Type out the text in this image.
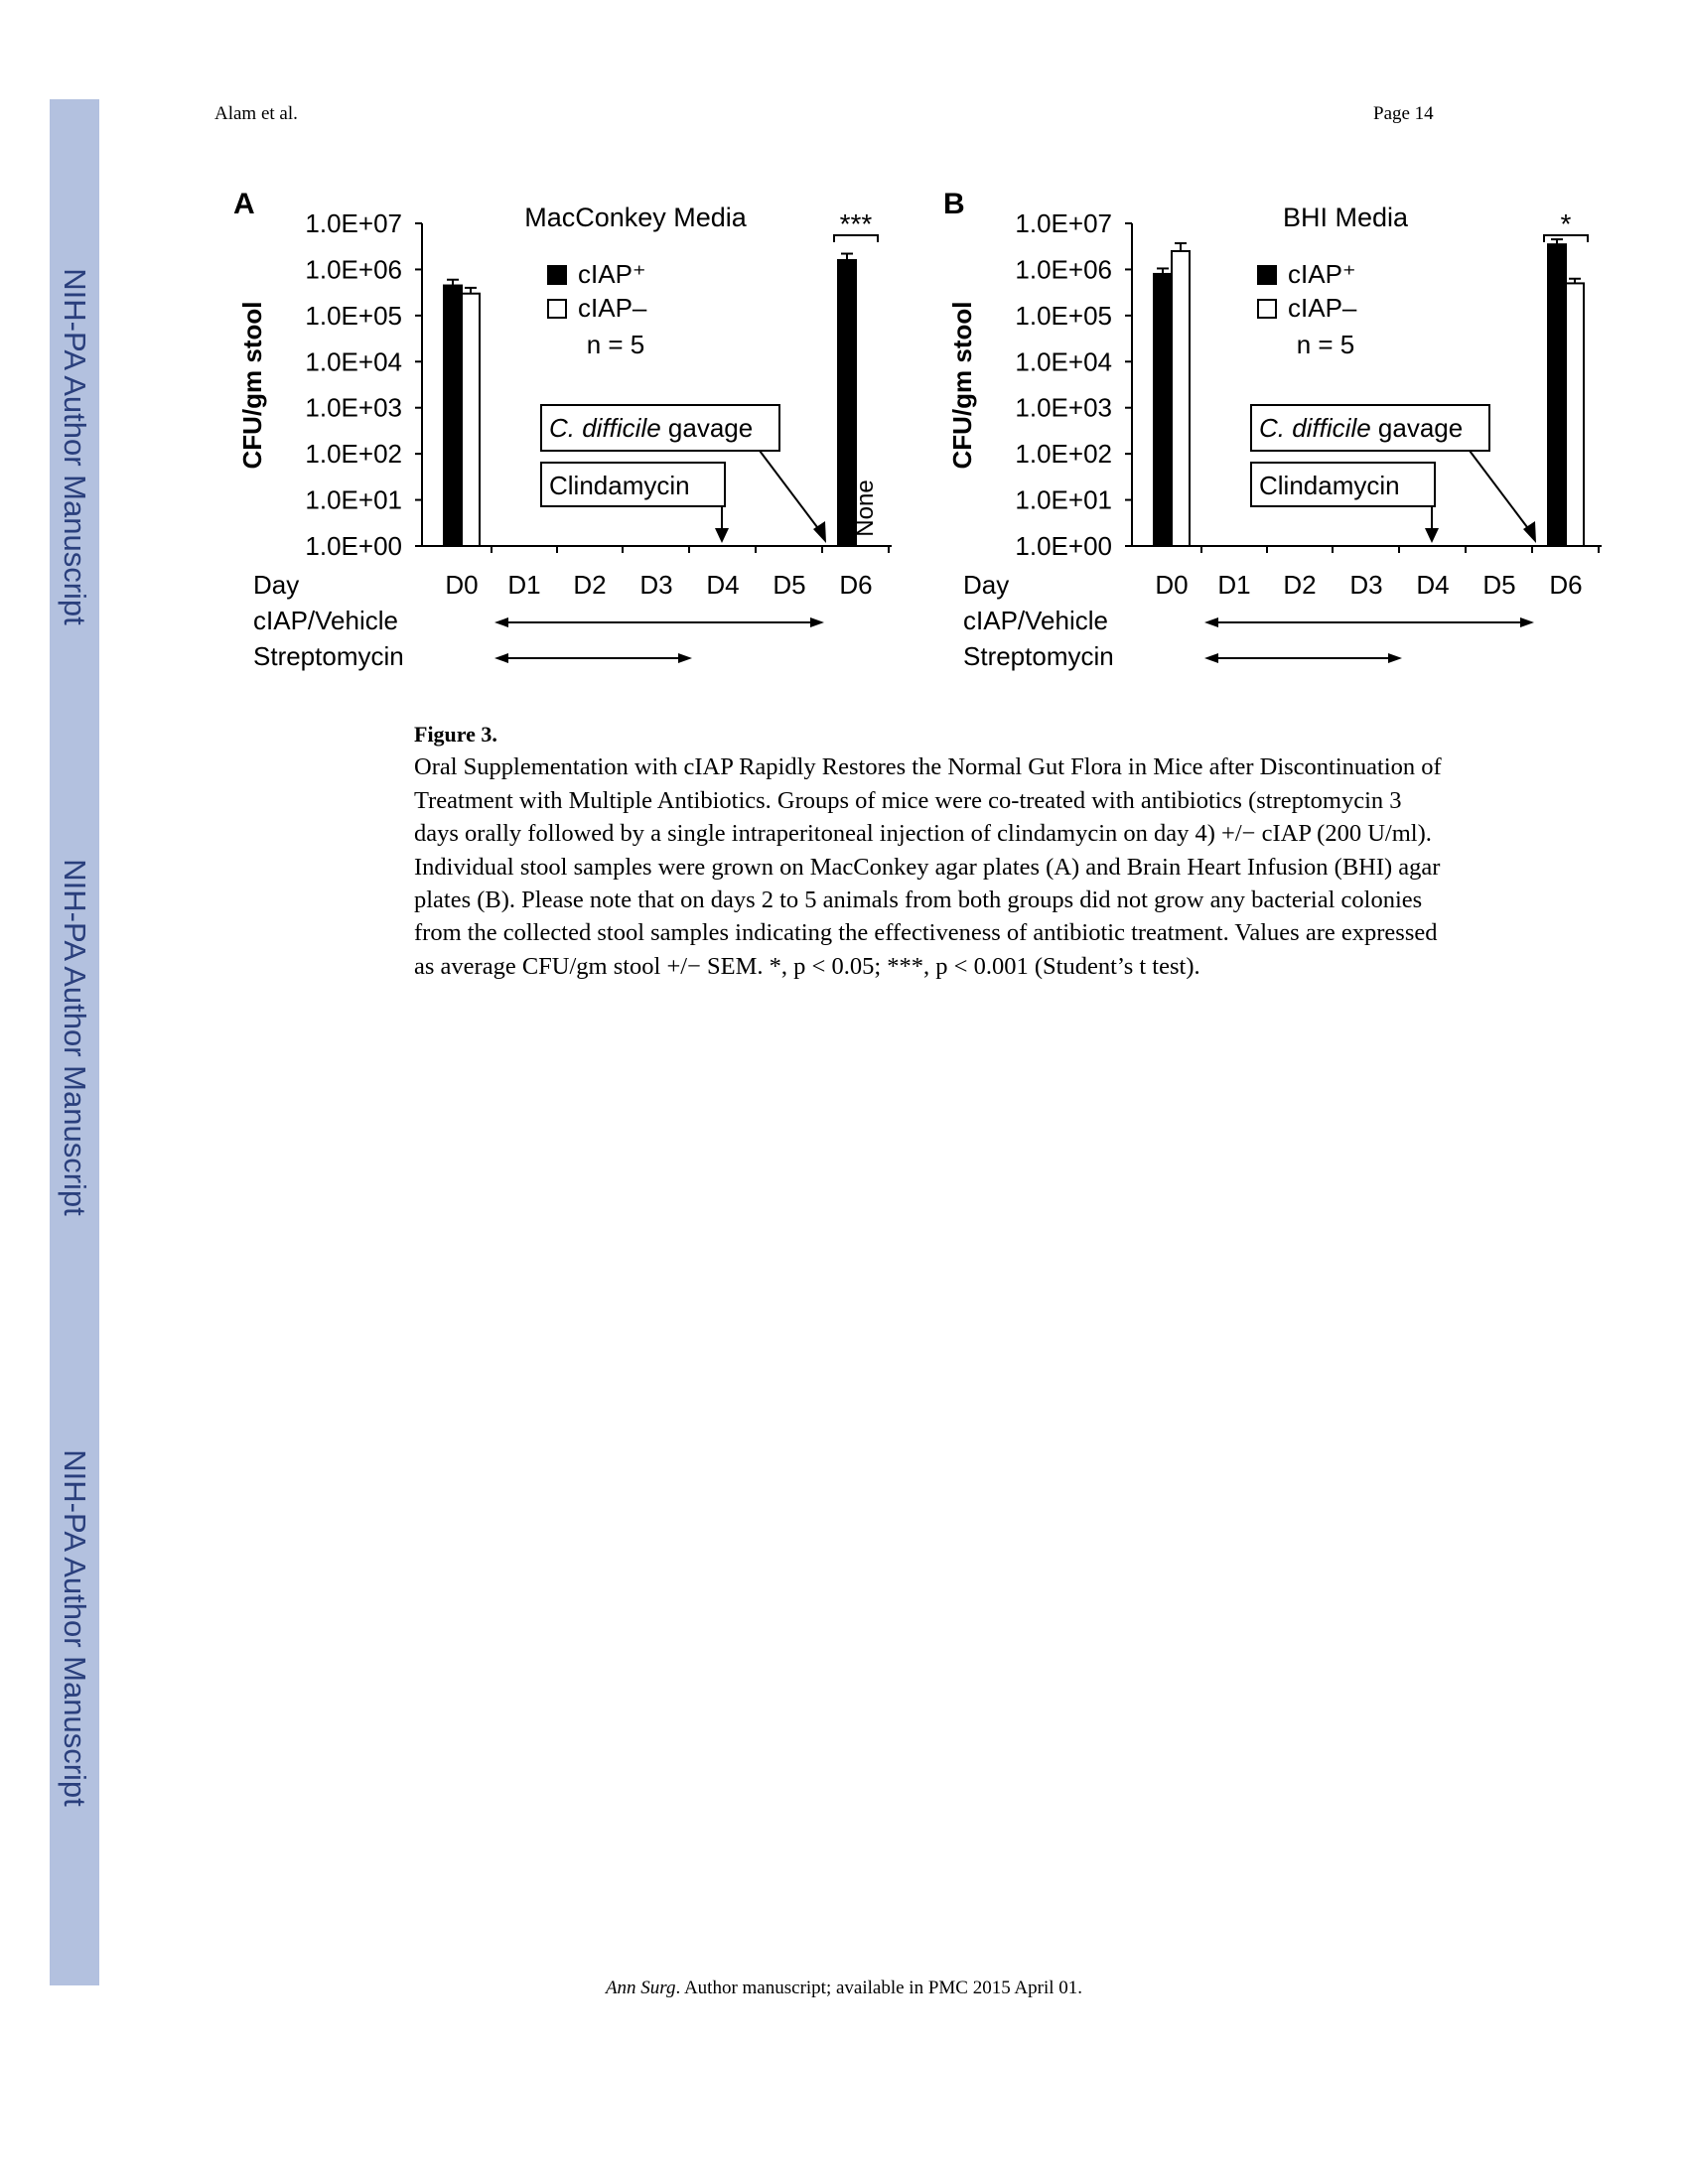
NIH-PA Author Manuscript
NIH-PA Author Manuscript
NIH-PA Author Manuscript
Alam et al.	Page 14
A
CFU/gm stool
1.0E+00
1.0E+01
1.0E+02
1.0E+03
1.0E+04
1.0E+05
1.0E+06
1.0E+07
D0 D1 D2 D3 D4 D5 D6
Day
cIAP/Vehicle
Streptomycin
MacConkey Media
cIAP⁺
cIAP–
n = 5
C. difficile gavage
Clindamycin
***
None
B
CFU/gm stool
1.0E+00
1.0E+01
1.0E+02
1.0E+03
1.0E+04
1.0E+05
1.0E+06
1.0E+07
D0 D1 D2 D3 D4 D5 D6
Day
cIAP/Vehicle
Streptomycin
BHI Media
cIAP⁺
cIAP–
n = 5
C. difficile gavage
Clindamycin
*
Figure 3.
Oral Supplementation with cIAP Rapidly Restores the Normal Gut Flora in Mice after Discontinuation of Treatment with Multiple Antibiotics. Groups of mice were co-treated with antibiotics (streptomycin 3 days orally followed by a single intraperitoneal injection of clindamycin on day 4) +/− cIAP (200 U/ml). Individual stool samples were grown on MacConkey agar plates (A) and Brain Heart Infusion (BHI) agar plates (B). Please note that on days 2 to 5 animals from both groups did not grow any bacterial colonies from the collected stool samples indicating the effectiveness of antibiotic treatment. Values are expressed as average CFU/gm stool +/− SEM. *, p < 0.05; ***, p < 0.001 (Student’s t test).
Ann Surg. Author manuscript; available in PMC 2015 April 01.
